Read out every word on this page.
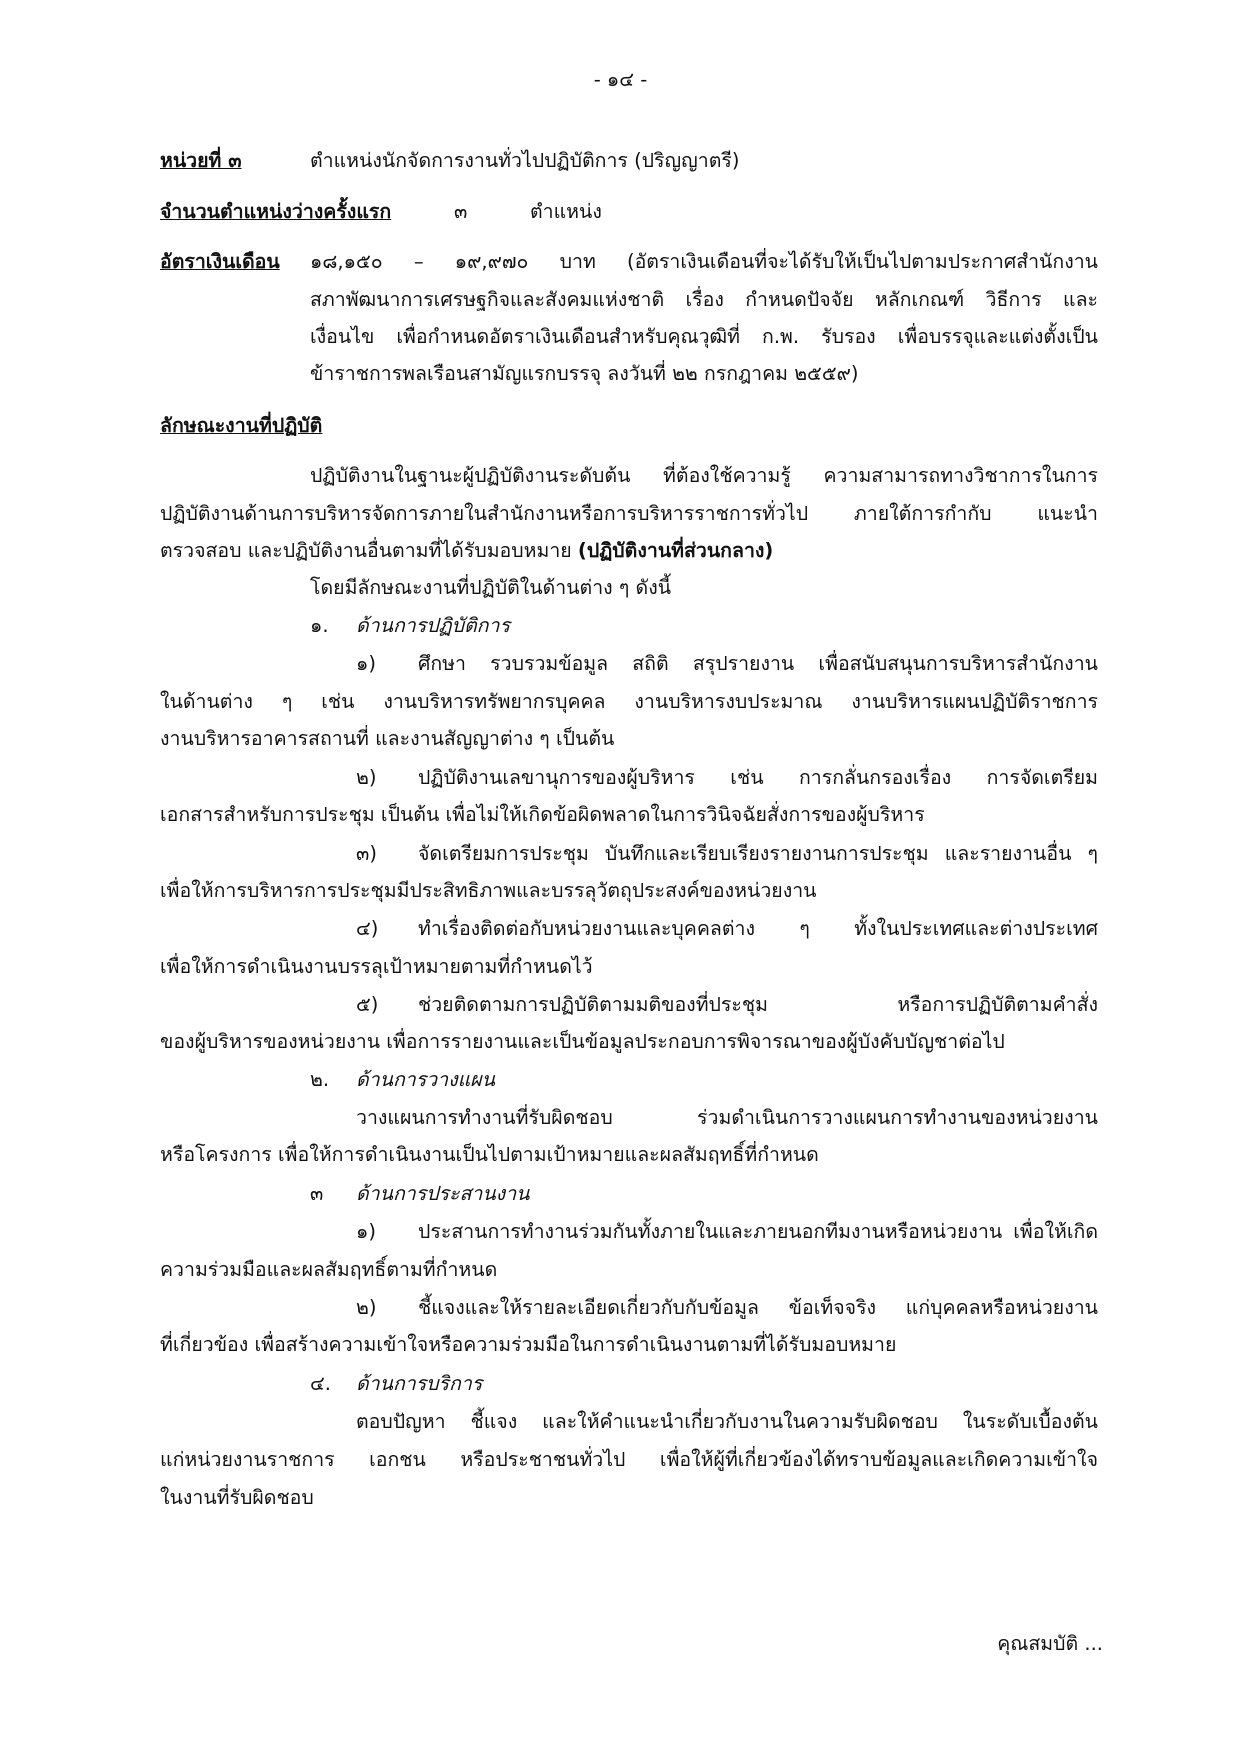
- ๑๔ -
หน่วยที่ ๓	ตำแหน่งนักจัดการงานทั่วไปปฏิบัติการ (ปริญญาตรี)
จำนวนตำแหน่งว่างครั้งแรก	๓	ตำแหน่ง
อัตราเงินเดือน ๑๘,๑๕๐ – ๑๙,๙๗๐ บาท (อัตราเงินเดือนที่จะได้รับให้เป็นไปตามประกาศสำนักงาน
สภาพัฒนาการเศรษฐกิจและสังคมแห่งชาติ เรื่อง กำหนดปัจจัย หลักเกณฑ์ วิธีการ และ
เงื่อนไข เพื่อกำหนดอัตราเงินเดือนสำหรับคุณวุฒิที่ ก.พ. รับรอง เพื่อบรรจุและแต่งตั้งเป็น
ข้าราชการพลเรือนสามัญแรกบรรจุ ลงวันที่ ๒๒ กรกฎาคม ๒๕๕๙)
ลักษณะงานที่ปฏิบัติ
ปฏิบัติงานในฐานะผู้ปฏิบัติงานระดับต้น ที่ต้องใช้ความรู้ ความสามารถทางวิชาการในการ
ปฏิบัติงานด้านการบริหารจัดการภายในสำนักงานหรือการบริหารราชการทั่วไป ภายใต้การกำกับ แนะนำ
ตรวจสอบ และปฏิบัติงานอื่นตามที่ได้รับมอบหมาย (ปฏิบัติงานที่ส่วนกลาง)
โดยมีลักษณะงานที่ปฏิบัติในด้านต่าง ๆ ดังนี้
๑. ด้านการปฏิบัติการ
๑) ศึกษา รวบรวมข้อมูล สถิติ สรุปรายงาน เพื่อสนับสนุนการบริหารสำนักงาน
ในด้านต่าง ๆ เช่น งานบริหารทรัพยากรบุคคล งานบริหารงบประมาณ งานบริหารแผนปฏิบัติราชการ
งานบริหารอาคารสถานที่ และงานสัญญาต่าง ๆ เป็นต้น
๒) ปฏิบัติงานเลขานุการของผู้บริหาร เช่น การกลั่นกรองเรื่อง การจัดเตรียม
เอกสารสำหรับการประชุม เป็นต้น เพื่อไม่ให้เกิดข้อผิดพลาดในการวินิจฉัยสั่งการของผู้บริหาร
๓) จัดเตรียมการประชุม บันทึกและเรียบเรียงรายงานการประชุม และรายงานอื่น ๆ
เพื่อให้การบริหารการประชุมมีประสิทธิภาพและบรรลุวัตถุประสงค์ของหน่วยงาน
๔) ทำเรื่องติดต่อกับหน่วยงานและบุคคลต่าง ๆ ทั้งในประเทศและต่างประเทศ
เพื่อให้การดำเนินงานบรรลุเป้าหมายตามที่กำหนดไว้
๕) ช่วยติดตามการปฏิบัติตามมติของที่ประชุม หรือการปฏิบัติตามคำสั่ง
ของผู้บริหารของหน่วยงาน เพื่อการรายงานและเป็นข้อมูลประกอบการพิจารณาของผู้บังคับบัญชาต่อไป
๒. ด้านการวางแผน
วางแผนการทำงานที่รับผิดชอบ ร่วมดำเนินการวางแผนการทำงานของหน่วยงาน
หรือโครงการ เพื่อให้การดำเนินงานเป็นไปตามเป้าหมายและผลสัมฤทธิ์ที่กำหนด
๓ ด้านการประสานงาน
๑) ประสานการทำงานร่วมกันทั้งภายในและภายนอกทีมงานหรือหน่วยงาน เพื่อให้เกิด
ความร่วมมือและผลสัมฤทธิ์ตามที่กำหนด
๒) ชี้แจงและให้รายละเอียดเกี่ยวกับกับข้อมูล ข้อเท็จจริง แก่บุคคลหรือหน่วยงาน
ที่เกี่ยวข้อง เพื่อสร้างความเข้าใจหรือความร่วมมือในการดำเนินงานตามที่ได้รับมอบหมาย
๔. ด้านการบริการ
ตอบปัญหา ชี้แจง และให้คำแนะนำเกี่ยวกับงานในความรับผิดชอบ ในระดับเบื้องต้น
แก่หน่วยงานราชการ เอกชน หรือประชาชนทั่วไป เพื่อให้ผู้ที่เกี่ยวข้องได้ทราบข้อมูลและเกิดความเข้าใจ
ในงานที่รับผิดชอบ
คุณสมบัติ ...
